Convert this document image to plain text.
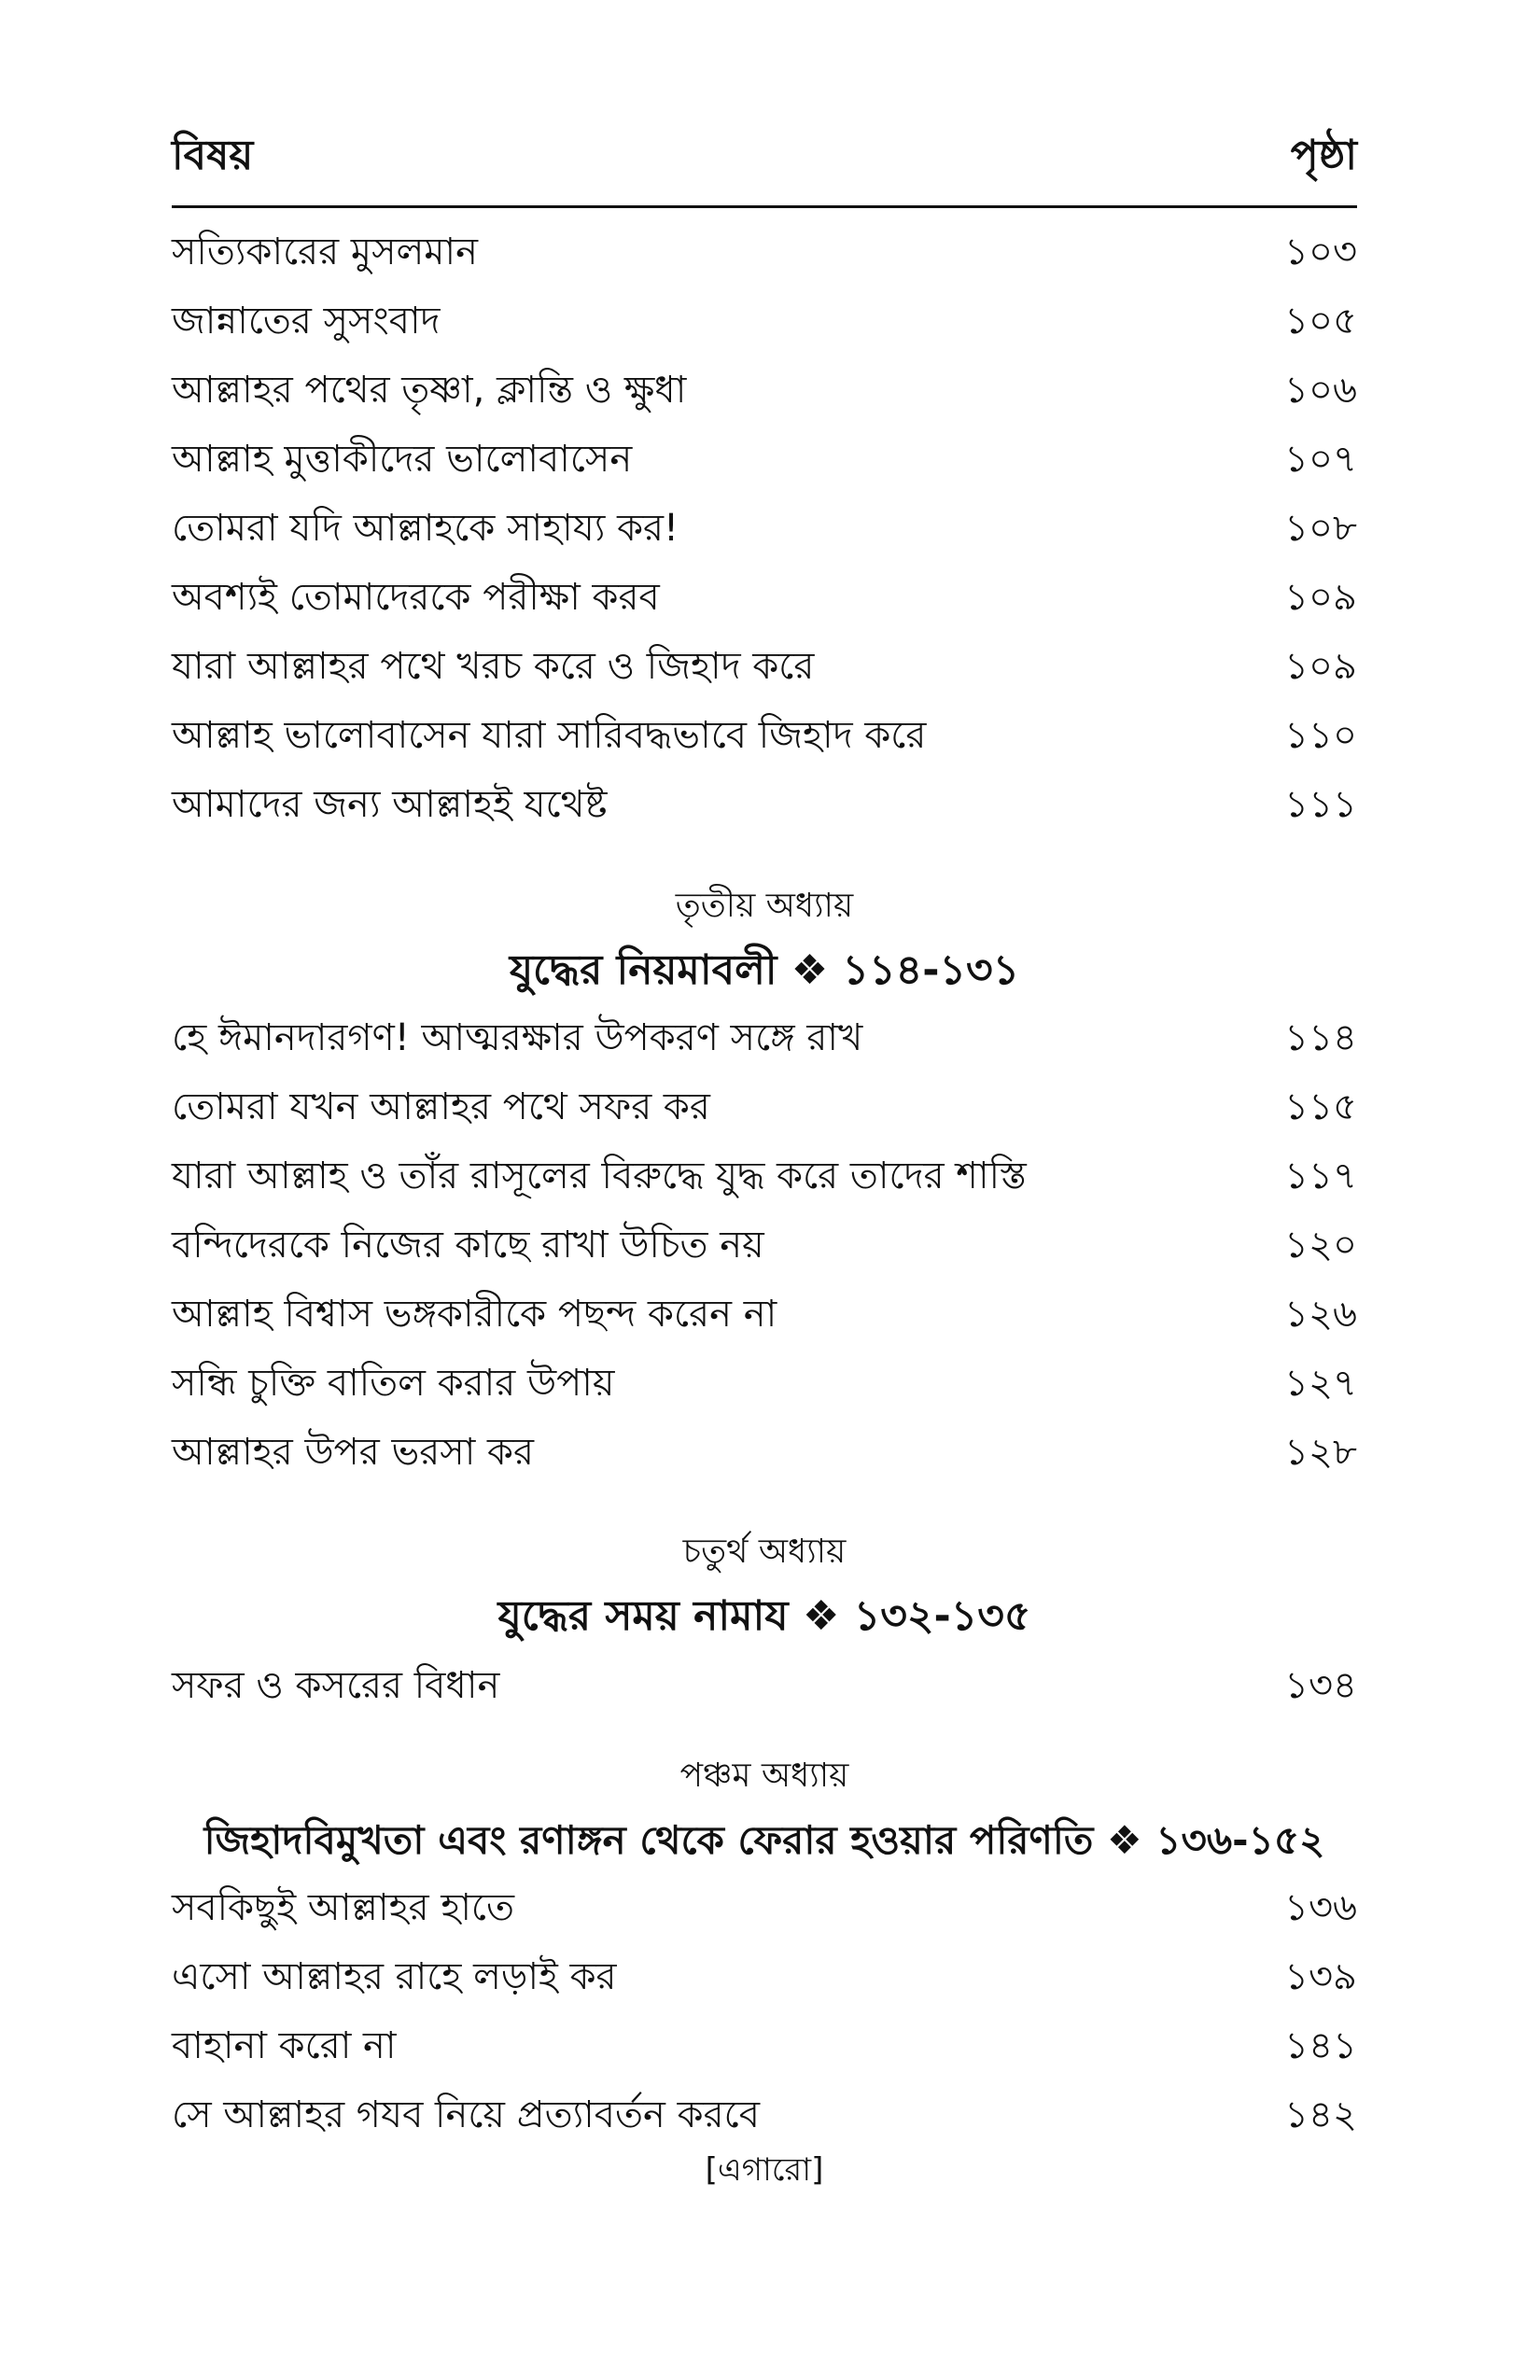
বিষয়	পৃষ্ঠা
সত্যিকারের মুসলমান	১০৩
জান্নাতের সুসংবাদ	১০৫
আল্লাহর পথের তৃষ্ণা, ক্লান্তি ও ক্ষুধা	১০৬
আল্লাহ মুত্তাকীদের ভালোবাসেন	১০৭
তোমরা যদি আল্লাহকে সাহায্য কর!	১০৮
অবশ্যই তোমাদেরকে পরীক্ষা করব	১০৯
যারা আল্লাহর পথে খরচ করে ও জিহাদ করে	১০৯
আল্লাহ ভালোবাসেন যারা সারিবদ্ধভাবে জিহাদ করে	১১০
আমাদের জন্য আল্লাহই যথেষ্ট	১১১
তৃতীয় অধ্যায়
যুদ্ধের নিয়মাবলী ❖ ১১৪-১৩১
হে ঈমানদারগণ! আত্মরক্ষার উপকরণ সঙ্গে রাখ	১১৪
তোমরা যখন আল্লাহর পথে সফর কর	১১৫
যারা আল্লাহ ও তাঁর রাসূলের বিরুদ্ধে যুদ্ধ করে তাদের শাস্তি	১১৭
বন্দিদেরকে নিজের কাছে রাখা উচিত নয়	১২০
আল্লাহ বিশ্বাস ভঙ্গকারীকে পছন্দ করেন না	১২৬
সন্ধি চুক্তি বাতিল করার উপায়	১২৭
আল্লাহর উপর ভরসা কর	১২৮
চতুর্থ অধ্যায়
যুদ্ধের সময় নামায ❖ ১৩২-১৩৫
সফর ও কসরের বিধান	১৩৪
পঞ্চম অধ্যায়
জিহাদবিমুখতা এবং রণাঙ্গন থেকে ফেরার হওয়ার পরিণতি ❖ ১৩৬-১৫২
সবকিছুই আল্লাহর হাতে	১৩৬
এসো আল্লাহর রাহে লড়াই কর	১৩৯
বাহানা করো না	১৪১
সে আল্লাহর গযব নিয়ে প্রত্যাবর্তন করবে	১৪২
[এগারো]
